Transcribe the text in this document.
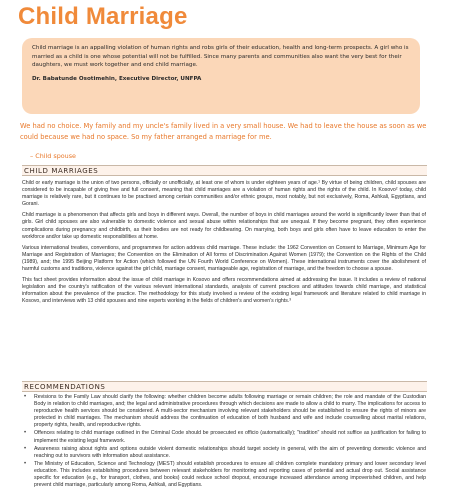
Child Marriage

Child marriage is an appalling violation of human rights and robs girls of their education, health and long-term prospects. A girl who is married as a child is one whose potential will not be fulfilled. Since many parents and communities also want the very best for their daughters, we must work together and end child marriage.

Dr. Babatunde Osotimehin, Executive Director, UNFPA

We had no choice. My family and my uncle's family lived in a very small house. We had to leave the house as soon as we could because we had no space. So my father arranged a marriage for me.
– Child spouse
CHILD MARRIAGES

Child or early marriage is the union of two persons, officially or unofficially, at least one of whom is under eighteen years of age.¹ By virtue of being children, child spouses are considered to be incapable of giving free and full consent, meaning that child marriages are a violation of human rights and the rights of the child. In Kosovo² today, child marriage is relatively rare, but it continues to be practised among certain communities and/or ethnic groups, most notably, but not exclusively, Roma, Ashkali, Egyptians, and Gorani.

Child marriage is a phenomenon that affects girls and boys in different ways. Overall, the number of boys in child marriages around the world is significantly lower than that of girls. Girl child spouses are also vulnerable to domestic violence and sexual abuse within relationships that are unequal. If they become pregnant, they often experience complications during pregnancy and childbirth, as their bodies are not ready for childbearing. On marrying, both boys and girls often have to leave education to enter the workforce and/or take up domestic responsibilities at home.

Various international treaties, conventions, and programmes for action address child marriage. These include: the 1962 Convention on Consent to Marriage, Minimum Age for Marriage and Registration of Marriages; the Convention on the Elimination of All forms of Discrimination Against Women (1979); the Convention on the Rights of the Child (1989), and; the 1995 Beijing Platform for Action (which followed the UN Fourth World Conference on Women). These international instruments cover the abolishment of harmful customs and traditions, violence against the girl child, marriage consent, marriageable age, registration of marriage, and the freedom to choose a spouse.

This fact sheet provides information about the issue of child marriage in Kosovo and offers recommendations aimed at addressing the issue. It includes a review of national legislation and the country's ratification of the various relevant international standards, analysis of current practices and attitudes towards child marriage, and statistical information about the prevalence of the practice. The methodology for this study involved a review of the existing legal framework and literature related to child marriage in Kosovo, and interviews with 13 child spouses and nine experts working in the fields of children's and women's rights.³

RECOMMENDATIONS
• Revisions to the Family Law should clarify the following: whether children become adults following marriage or remain children; the role and mandate of the Custodian Body in relation to child marriages, and; the legal and administrative procedures through which decisions are made to allow a child to marry. The implications for access to reproductive health services should be considered. A multi-sector mechanism involving relevant stakeholders should be established to ensure the rights of minors are protected in child marriages. The mechanism should address the continuation of education of both husband and wife and include counselling about marital relations, property rights, health, and reproductive rights.
• Offences relating to child marriage outlined in the Criminal Code should be prosecuted ex officio (automatically); "tradition" should not suffice as justification for failing to implement the existing legal framework.
• Awareness raising about rights and options outside violent domestic relationships should target society in general, with the aim of preventing domestic violence and reaching out to survivors with information about assistance.
• The Ministry of Education, Science and Technology (MEST) should establish procedures to ensure all children complete mandatory primary and lower secondary level education. This includes establishing procedures between relevant stakeholders for monitoring and reporting cases of potential and actual drop out. Social assistance specific for education (e.g., for transport, clothes, and books) could reduce school dropout, encourage increased attendance among impoverished children, and help prevent child marriage, particularly among Roma, Ashkali, and Egyptians.
